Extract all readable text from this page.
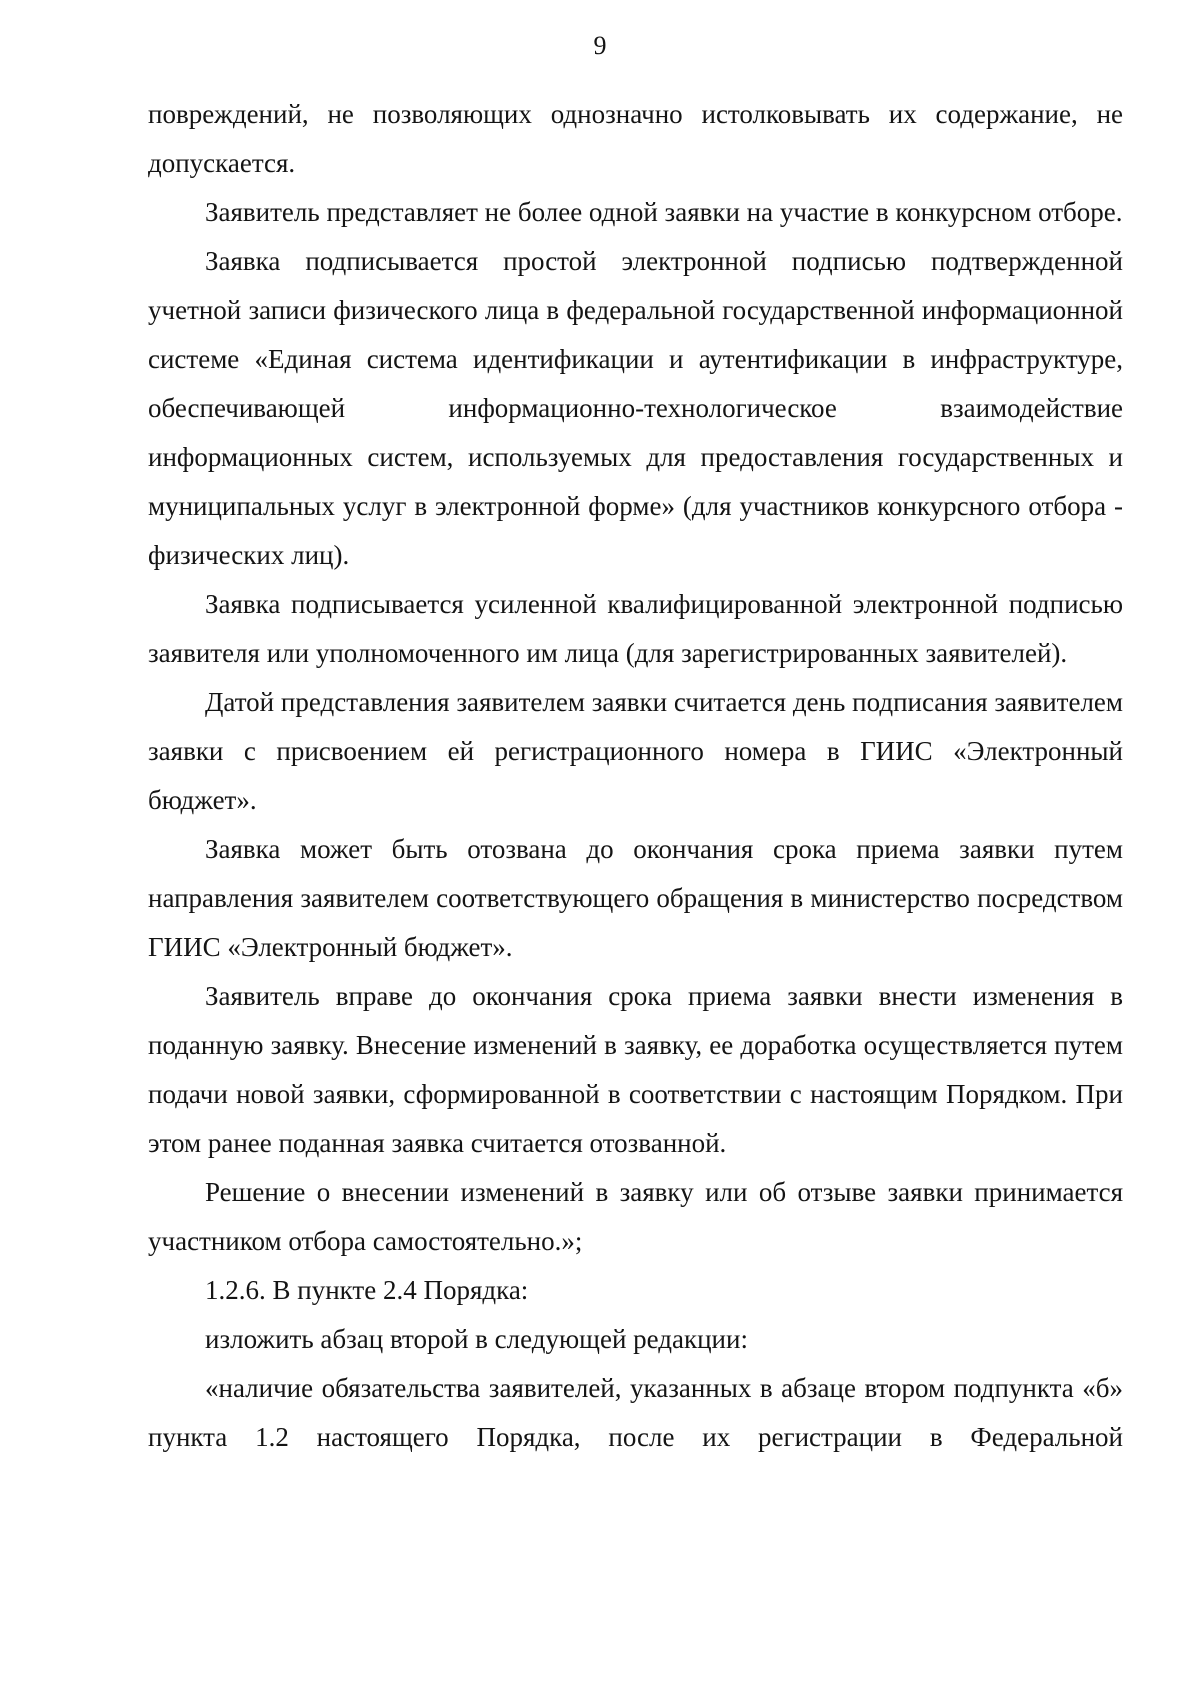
9

повреждений, не позволяющих однозначно истолковывать их содержание, не допускается.

Заявитель представляет не более одной заявки на участие в конкурсном отборе.

Заявка подписывается простой электронной подписью подтвержденной учетной записи физического лица в федеральной государственной информационной системе «Единая система идентификации и аутентификации в инфраструктуре, обеспечивающей информационно-технологическое взаимодействие информационных систем, используемых для предоставления государственных и муниципальных услуг в электронной форме» (для участников конкурсного отбора - физических лиц).

Заявка подписывается усиленной квалифицированной электронной подписью заявителя или уполномоченного им лица (для зарегистрированных заявителей).

Датой представления заявителем заявки считается день подписания заявителем заявки с присвоением ей регистрационного номера в ГИИС «Электронный бюджет».

Заявка может быть отозвана до окончания срока приема заявки путем направления заявителем соответствующего обращения в министерство посредством ГИИС «Электронный бюджет».

Заявитель вправе до окончания срока приема заявки внести изменения в поданную заявку. Внесение изменений в заявку, ее доработка осуществляется путем подачи новой заявки, сформированной в соответствии с настоящим Порядком. При этом ранее поданная заявка считается отозванной.

Решение о внесении изменений в заявку или об отзыве заявки принимается участником отбора самостоятельно.»;

1.2.6. В пункте 2.4 Порядка:

изложить абзац второй в следующей редакции:

«наличие обязательства заявителей, указанных в абзаце втором подпункта «б» пункта 1.2 настоящего Порядка, после их регистрации в Федеральной
